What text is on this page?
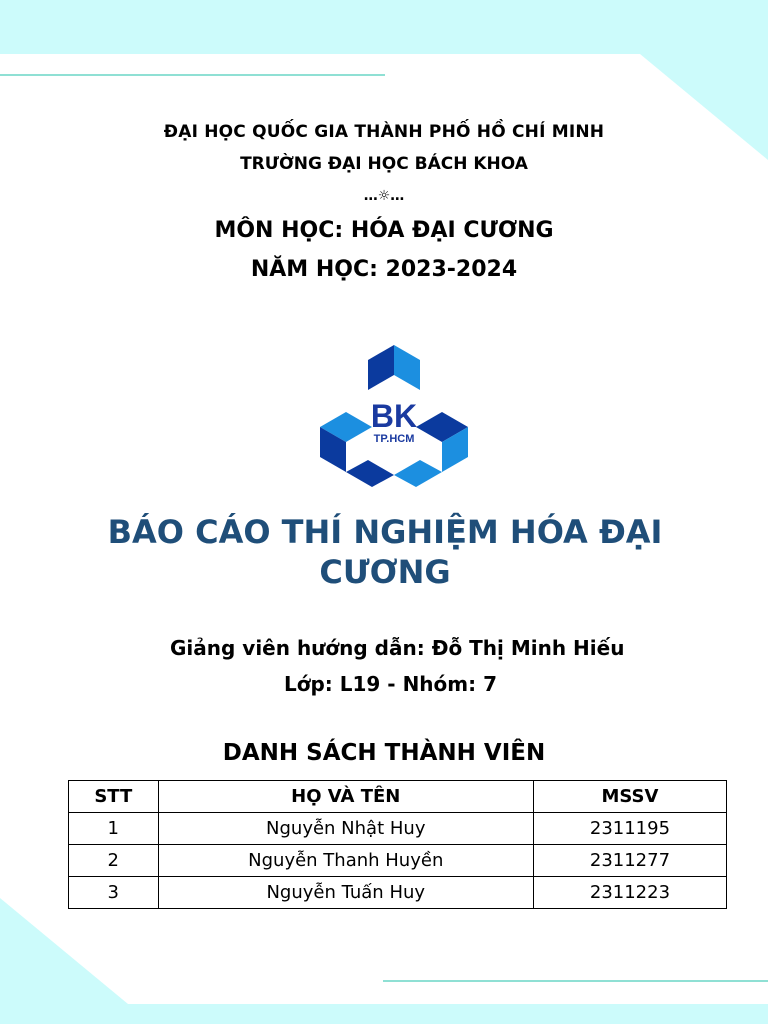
ĐẠI HỌC QUỐC GIA THÀNH PHỐ HỒ CHÍ MINH
TRƯỜNG ĐẠI HỌC BÁCH KHOA
…☼…
MÔN HỌC: HÓA ĐẠI CƯƠNG
NĂM HỌC: 2023-2024
BK
TP.HCM
BÁO CÁO THÍ NGHIỆM HÓA ĐẠI CƯƠNG
Giảng viên hướng dẫn: Đỗ Thị Minh Hiếu
Lớp: L19 - Nhóm: 7
DANH SÁCH THÀNH VIÊN
STT	HỌ VÀ TÊN	MSSV
1	Nguyễn Nhật Huy	2311195
2	Nguyễn Thanh Huyền	2311277
3	Nguyễn Tuấn Huy	2311223
